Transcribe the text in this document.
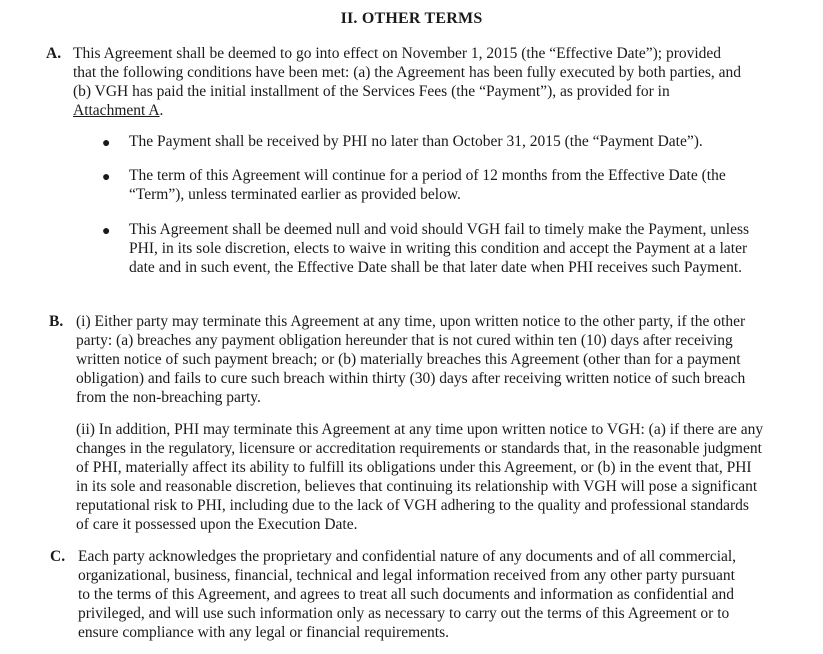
II. OTHER TERMS
A. This Agreement shall be deemed to go into effect on November 1, 2015 (the “Effective Date”); provided that the following conditions have been met: (a) the Agreement has been fully executed by both parties, and (b) VGH has paid the initial installment of the Services Fees (the “Payment”), as provided for in Attachment A.
● The Payment shall be received by PHI no later than October 31, 2015 (the “Payment Date”).
● The term of this Agreement will continue for a period of 12 months from the Effective Date (the “Term”), unless terminated earlier as provided below.
● This Agreement shall be deemed null and void should VGH fail to timely make the Payment, unless PHI, in its sole discretion, elects to waive in writing this condition and accept the Payment at a later date and in such event, the Effective Date shall be that later date when PHI receives such Payment.
B. (i) Either party may terminate this Agreement at any time, upon written notice to the other party, if the other party: (a) breaches any payment obligation hereunder that is not cured within ten (10) days after receiving written notice of such payment breach; or (b) materially breaches this Agreement (other than for a payment obligation) and fails to cure such breach within thirty (30) days after receiving written notice of such breach from the non-breaching party.
(ii) In addition, PHI may terminate this Agreement at any time upon written notice to VGH: (a) if there are any changes in the regulatory, licensure or accreditation requirements or standards that, in the reasonable judgment of PHI, materially affect its ability to fulfill its obligations under this Agreement, or (b) in the event that, PHI in its sole and reasonable discretion, believes that continuing its relationship with VGH will pose a significant reputational risk to PHI, including due to the lack of VGH adhering to the quality and professional standards of care it possessed upon the Execution Date.
C. Each party acknowledges the proprietary and confidential nature of any documents and of all commercial, organizational, business, financial, technical and legal information received from any other party pursuant to the terms of this Agreement, and agrees to treat all such documents and information as confidential and privileged, and will use such information only as necessary to carry out the terms of this Agreement or to ensure compliance with any legal or financial requirements.
